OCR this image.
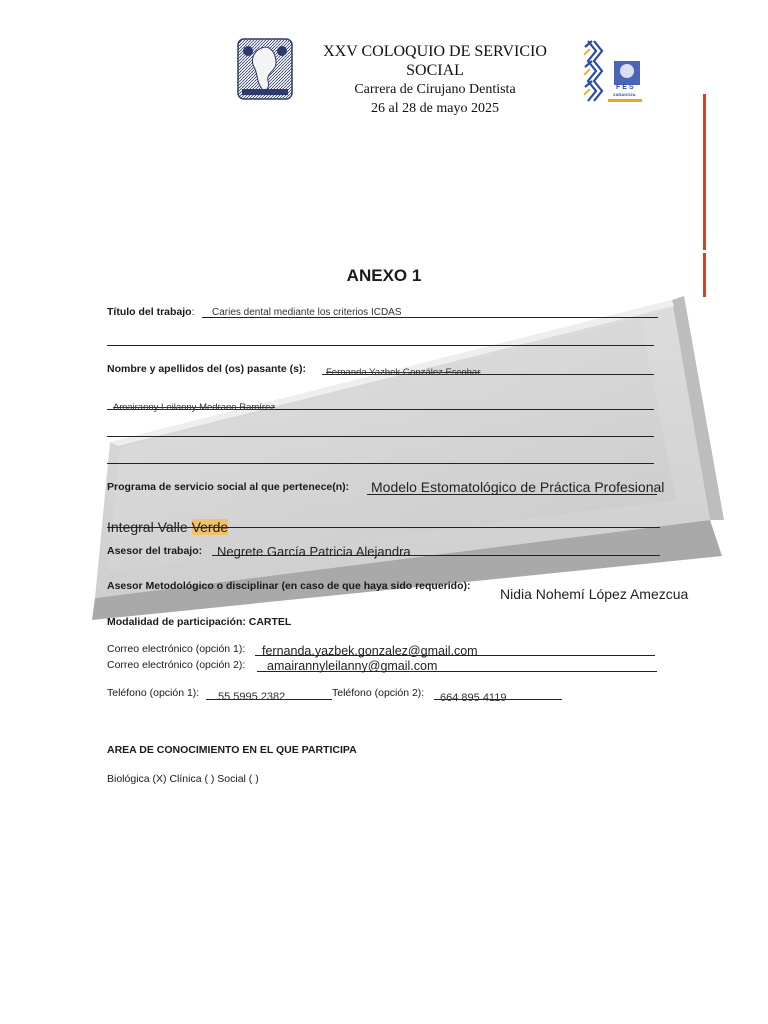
XXV COLOQUIO DE SERVICIO SOCIAL
Carrera de Cirujano Dentista
26 al 28 de mayo 2025
FES
ZARAGOZA
ANEXO 1
Título del trabajo: Caries dental mediante los criterios ICDAS
Nombre y apellidos del (os) pasante (s): Fernanda Yazbek González Escobar
Amairanny Leilanny Medrano Ramírez
Programa de servicio social al que pertenece(n): Modelo Estomatológico de Práctica Profesional
Integral Valle Verde
Asesor del trabajo: Negrete García Patricia Alejandra
Asesor Metodológico o disciplinar (en caso de que haya sido requerido): Nidia Nohemí López Amezcua
Modalidad de participación: CARTEL
Correo electrónico (opción 1): fernanda.yazbek.gonzalez@gmail.com
Correo electrónico (opción 2): amairannyleilanny@gmail.com
Teléfono (opción 1): 55 5995 2382	Teléfono (opción 2): 664 895 4119
AREA DE CONOCIMIENTO EN EL QUE PARTICIPA
Biológica (X) Clínica ( ) Social ( )
